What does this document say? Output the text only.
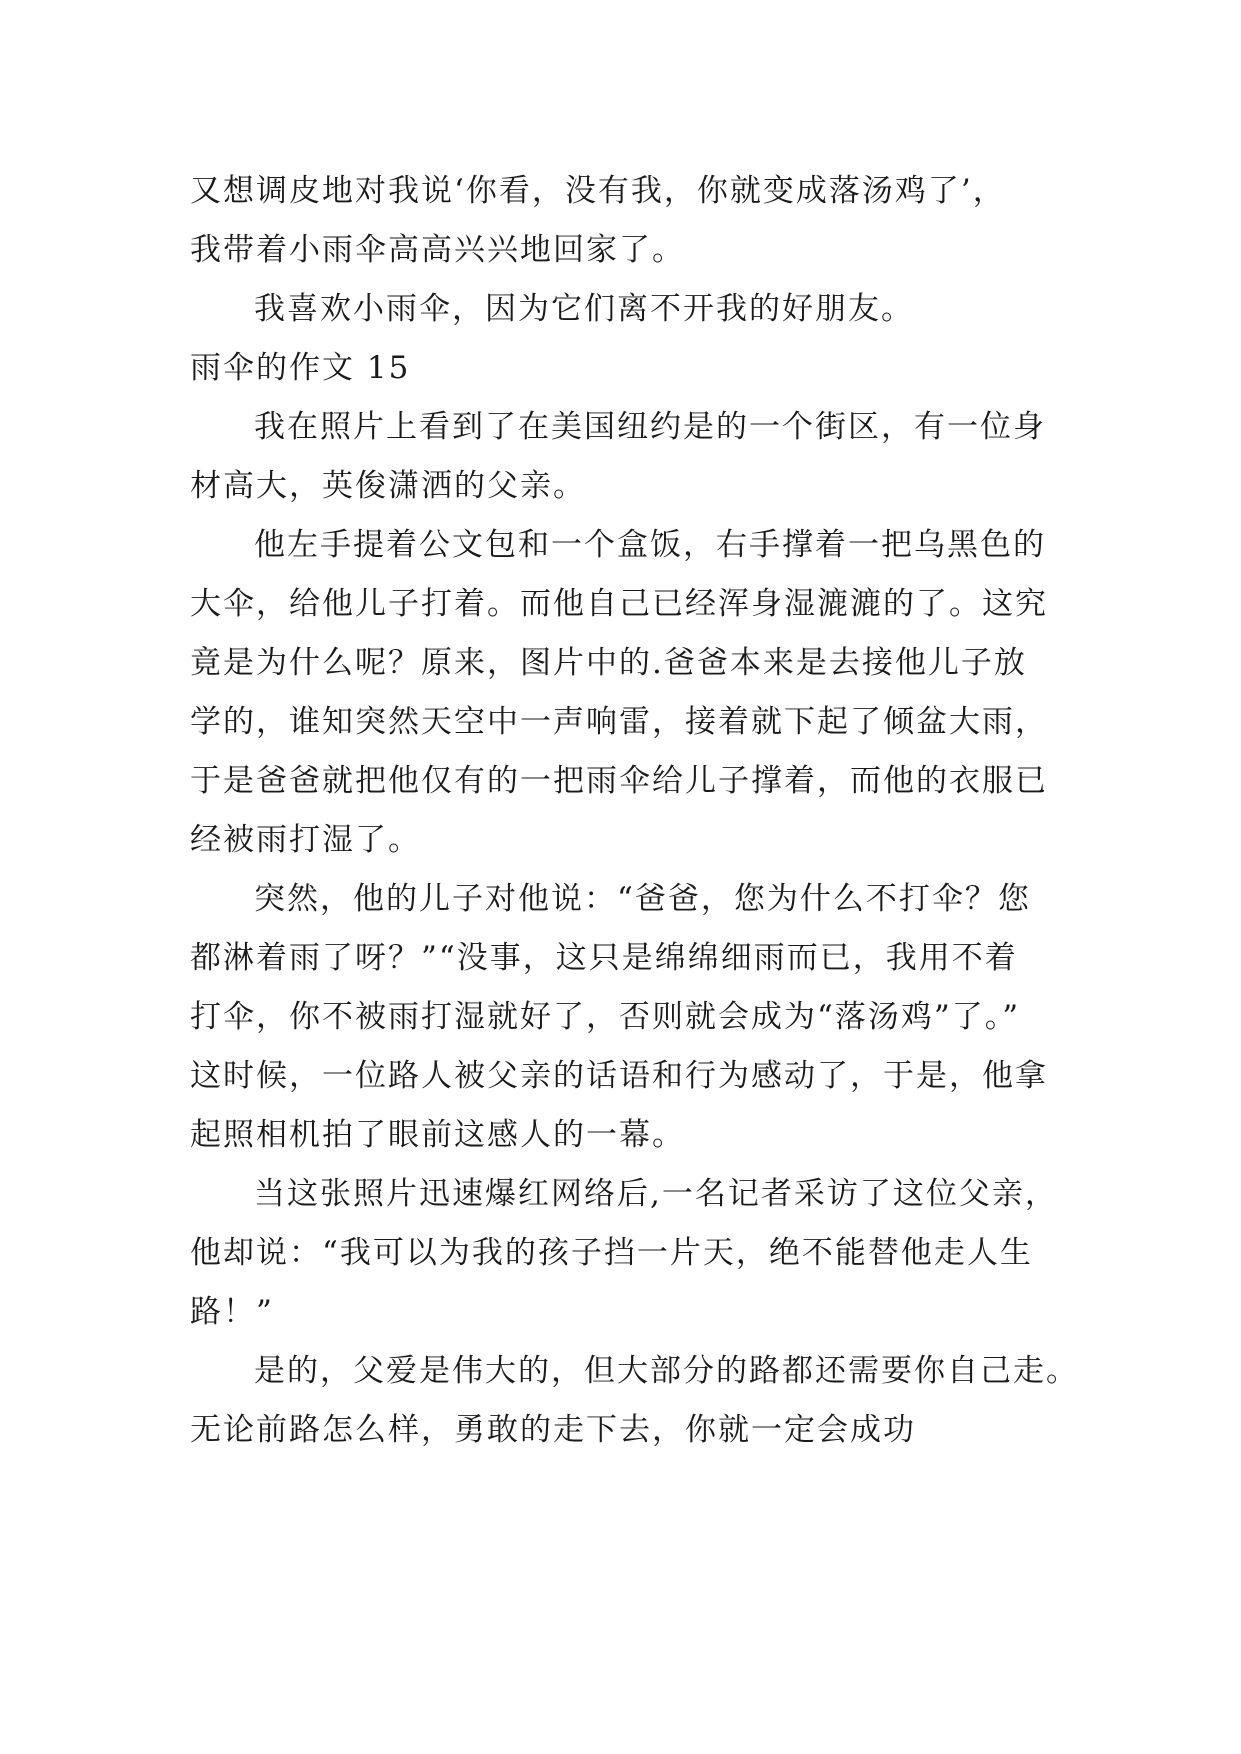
又想调皮地对我说‘你看，没有我，你就变成落汤鸡了’，
我带着小雨伞高高兴兴地回家了。
我喜欢小雨伞，因为它们离不开我的好朋友。
雨伞的作文 15
我在照片上看到了在美国纽约是的一个街区，有一位身
材高大，英俊潇洒的父亲。
他左手提着公文包和一个盒饭，右手撑着一把乌黑色的
大伞，给他儿子打着。而他自己已经浑身湿漉漉的了。这究
竟是为什么呢？原来，图片中的.爸爸本来是去接他儿子放
学的，谁知突然天空中一声响雷，接着就下起了倾盆大雨，
于是爸爸就把他仅有的一把雨伞给儿子撑着，而他的衣服已
经被雨打湿了。
突然，他的儿子对他说：“爸爸，您为什么不打伞？您
都淋着雨了呀？”“没事，这只是绵绵细雨而已，我用不着
打伞，你不被雨打湿就好了，否则就会成为“落汤鸡”了。”
这时候，一位路人被父亲的话语和行为感动了，于是，他拿
起照相机拍了眼前这感人的一幕。
当这张照片迅速爆红网络后,一名记者采访了这位父亲，
他却说：“我可以为我的孩子挡一片天，绝不能替他走人生
路！”
是的，父爱是伟大的，但大部分的路都还需要你自己走。
无论前路怎么样，勇敢的走下去，你就一定会成功
